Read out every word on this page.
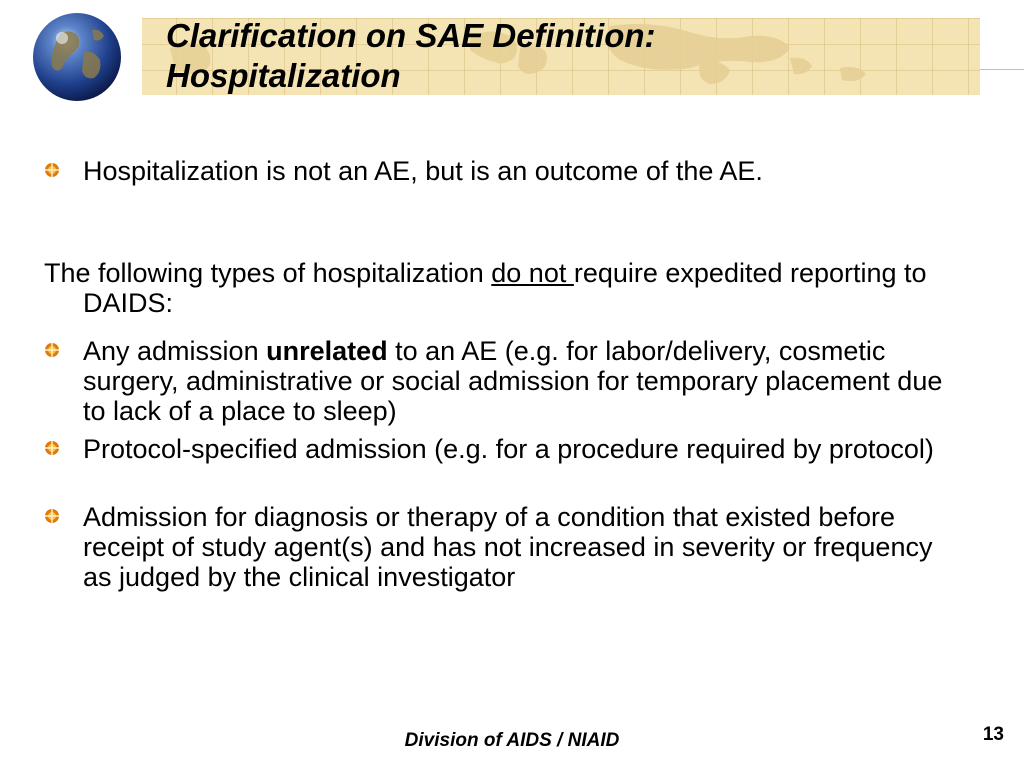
Clarification on SAE Definition:
Hospitalization
Hospitalization is not an AE, but is an outcome of the AE.

The following types of hospitalization do not require expedited reporting to DAIDS:

Any admission unrelated to an AE (e.g. for labor/delivery, cosmetic surgery, administrative or social admission for temporary placement due to lack of a place to sleep)
Protocol-specified admission (e.g. for a procedure required by protocol)
Admission for diagnosis or therapy of a condition that existed before receipt of study agent(s) and has not increased in severity or frequency as judged by the clinical investigator
Division of AIDS / NIAID	13
